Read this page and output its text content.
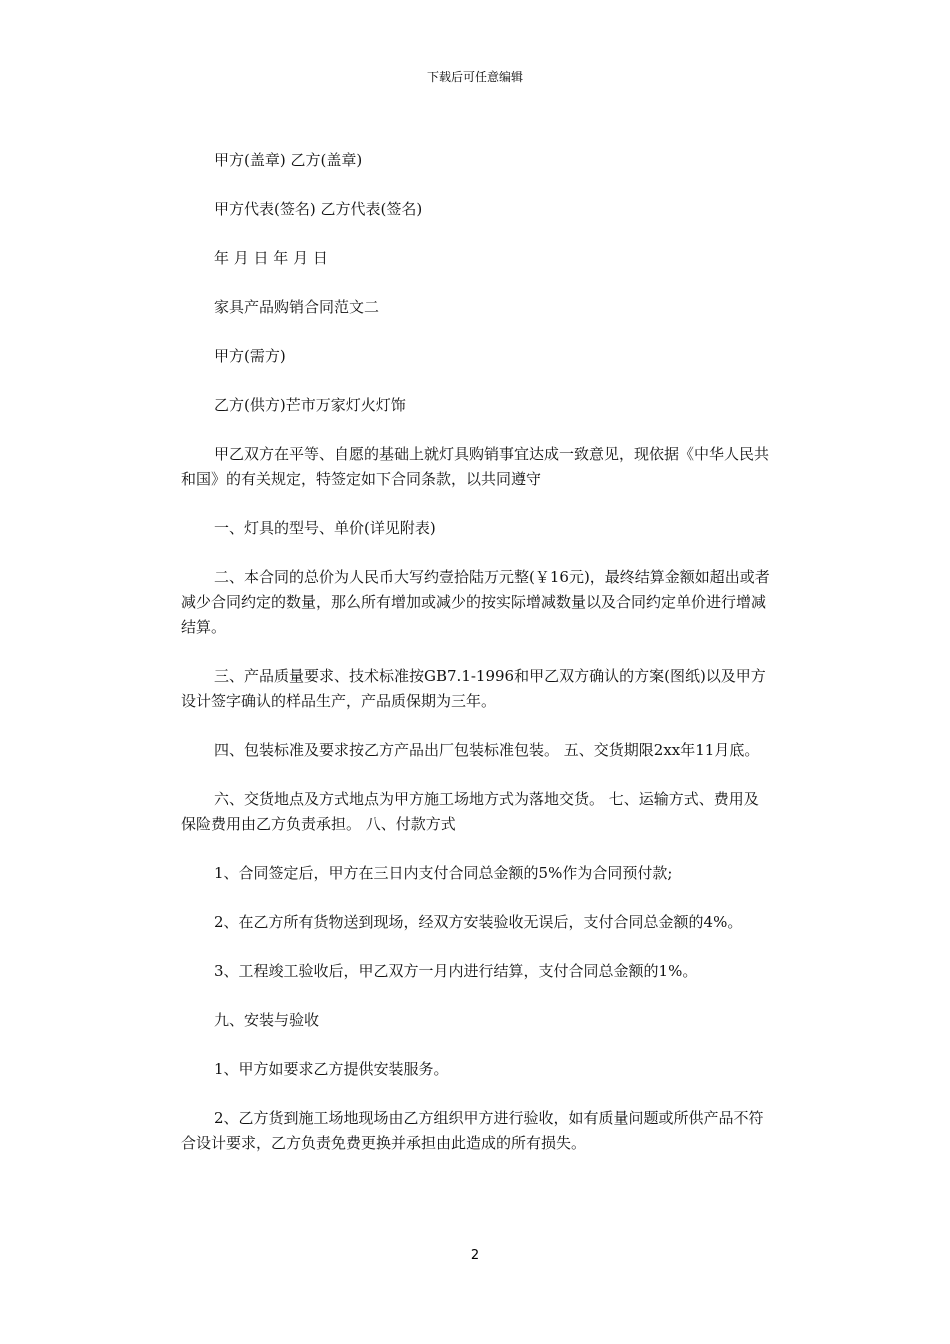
下载后可任意编辑

甲方(盖章) 乙方(盖章)

甲方代表(签名) 乙方代表(签名)

年 月 日 年 月 日

家具产品购销合同范文二

甲方(需方)

乙方(供方)芒市万家灯火灯饰

甲乙双方在平等、自愿的基础上就灯具购销事宜达成一致意见，现依据《中华人民共和国》的有关规定，特签定如下合同条款，以共同遵守

一、灯具的型号、单价(详见附表)

二、本合同的总价为人民币大写约壹拾陆万元整(￥16元)，最终结算金额如超出或者减少合同约定的数量，那么所有增加或减少的按实际增减数量以及合同约定单价进行增减结算。

三、产品质量要求、技术标准按GB7.1-1996和甲乙双方确认的方案(图纸)以及甲方设计签字确认的样品生产，产品质保期为三年。

四、包装标准及要求按乙方产品出厂包装标准包装。 五、交货期限2xx年11月底。

六、交货地点及方式地点为甲方施工场地方式为落地交货。 七、运输方式、费用及保险费用由乙方负责承担。 八、付款方式

1、合同签定后，甲方在三日内支付合同总金额的5%作为合同预付款;

2、在乙方所有货物送到现场，经双方安装验收无误后，支付合同总金额的4%。

3、工程竣工验收后，甲乙双方一月内进行结算，支付合同总金额的1%。

九、安装与验收

1、甲方如要求乙方提供安装服务。

2、乙方货到施工场地现场由乙方组织甲方进行验收，如有质量问题或所供产品不符合设计要求，乙方负责免费更换并承担由此造成的所有损失。

2
